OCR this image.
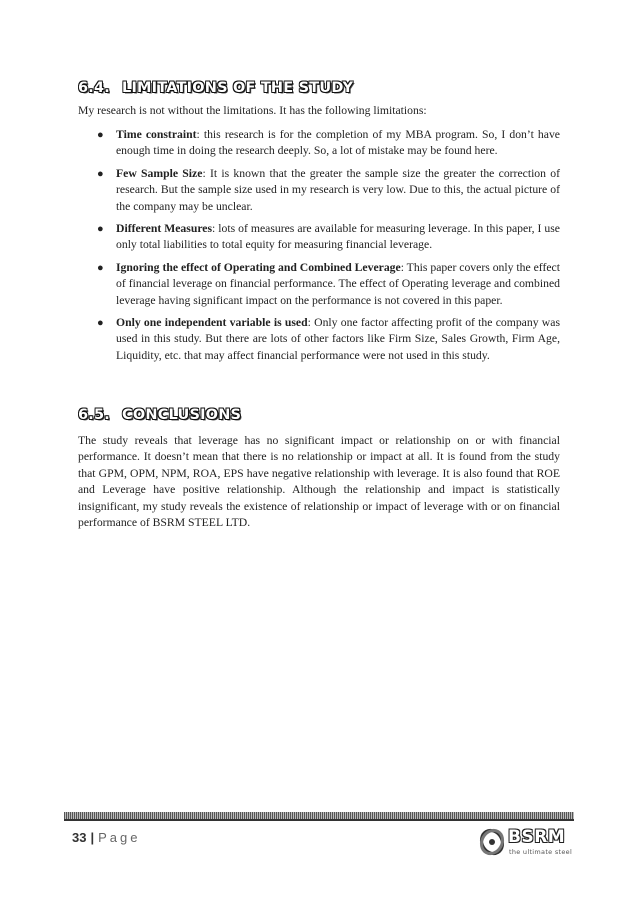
6.4. LIMITATIONS OF THE STUDY

My research is not without the limitations. It has the following limitations:

● Time constraint: this research is for the completion of my MBA program. So, I don’t have enough time in doing the research deeply. So, a lot of mistake may be found here.
● Few Sample Size: It is known that the greater the sample size the greater the correction of research. But the sample size used in my research is very low. Due to this, the actual picture of the company may be unclear.
● Different Measures: lots of measures are available for measuring leverage. In this paper, I use only total liabilities to total equity for measuring financial leverage.
● Ignoring the effect of Operating and Combined Leverage: This paper covers only the effect of financial leverage on financial performance. The effect of Operating leverage and combined leverage having significant impact on the performance is not covered in this paper.
● Only one independent variable is used: Only one factor affecting profit of the company was used in this study. But there are lots of other factors like Firm Size, Sales Growth, Firm Age, Liquidity, etc. that may affect financial performance were not used in this study.
6.5. CONCLUSIONS

The study reveals that leverage has no significant impact or relationship on or with financial performance. It doesn’t mean that there is no relationship or impact at all. It is found from the study that GPM, OPM, NPM, ROA, EPS have negative relationship with leverage. It is also found that ROE and Leverage have positive relationship. Although the relationship and impact is statistically insignificant, my study reveals the existence of relationship or impact of leverage with or on financial performance of BSRM STEEL LTD.

33 | Page	BSRM
the ultimate steel
